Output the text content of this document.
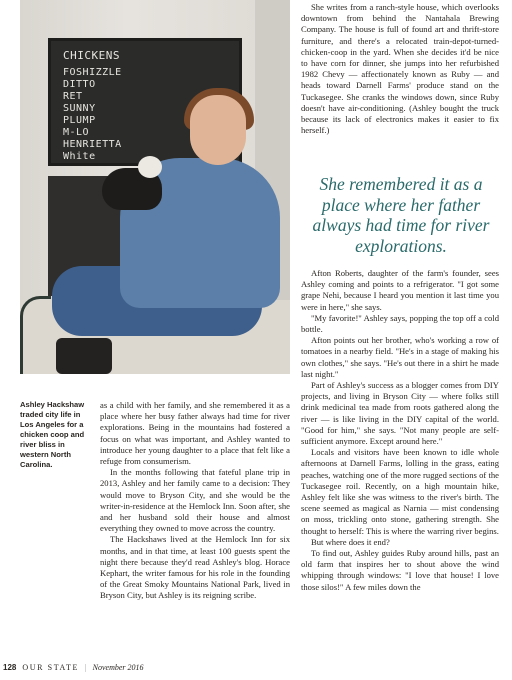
CHICKENS
FOSHIZZLE
DITTO
RET
SUNNY
PLUMP
M-LO
HENRIETTA
White
Ashley Hackshaw traded city life in Los Angeles for a chicken coop and river bliss in western North Carolina.

as a child with her family, and she remembered it as a place where her busy father always had time for river explorations. Being in the mountains had fostered a focus on what was important, and Ashley wanted to introduce her young daughter to a place that felt like a refuge from consumerism.

In the months following that fateful plane trip in 2013, Ashley and her family came to a decision: They would move to Bryson City, and she would be the writer-in-residence at the Hemlock Inn. Soon after, she and her husband sold their house and almost everything they owned to move across the country.

The Hackshaws lived at the Hemlock Inn for six months, and in that time, at least 100 guests spent the night there because they'd read Ashley's blog. Horace Kephart, the writer famous for his role in the founding of the Great Smoky Mountains National Park, lived in Bryson City, but Ashley is its reigning scribe.

She writes from a ranch-style house, which overlooks downtown from behind the Nantahala Brewing Company. The house is full of found art and thrift-store furniture, and there's a relocated train-depot-turned-chicken-coop in the yard. When she decides it'd be nice to have corn for dinner, she jumps into her refurbished 1982 Chevy — affectionately known as Ruby — and heads toward Darnell Farms' produce stand on the Tuckasegee. She cranks the windows down, since Ruby doesn't have air-conditioning. (Ashley bought the truck because its lack of electronics makes it easier to fix herself.)

She remembered it as a place where her father always had time for river explorations.

Afton Roberts, daughter of the farm's founder, sees Ashley coming and points to a refrigerator. "I got some grape Nehi, because I heard you mention it last time you were in here," she says.

"My favorite!" Ashley says, popping the top off a cold bottle.

Afton points out her brother, who's working a row of tomatoes in a nearby field. "He's in a stage of making his own clothes," she says. "He's out there in a shirt he made last night."

Part of Ashley's success as a blogger comes from DIY projects, and living in Bryson City — where folks still drink medicinal tea made from roots gathered along the river — is like living in the DIY capital of the world. "Good for him," she says. "Not many people are self-sufficient anymore. Except around here."

Locals and visitors have been known to idle whole afternoons at Darnell Farms, lolling in the grass, eating peaches, watching one of the more rugged sections of the Tuckasegee roil. Recently, on a high mountain hike, Ashley felt like she was witness to the river's birth. The scene seemed as magical as Narnia — mist condensing on moss, trickling onto stone, gathering strength. She thought to herself: This is where the warring river begins.

But where does it end?

To find out, Ashley guides Ruby around hills, past an old farm that inspires her to shout above the wind whipping through windows: "I love that house! I love those silos!" A few miles down the

128 OUR STATE | November 2016
